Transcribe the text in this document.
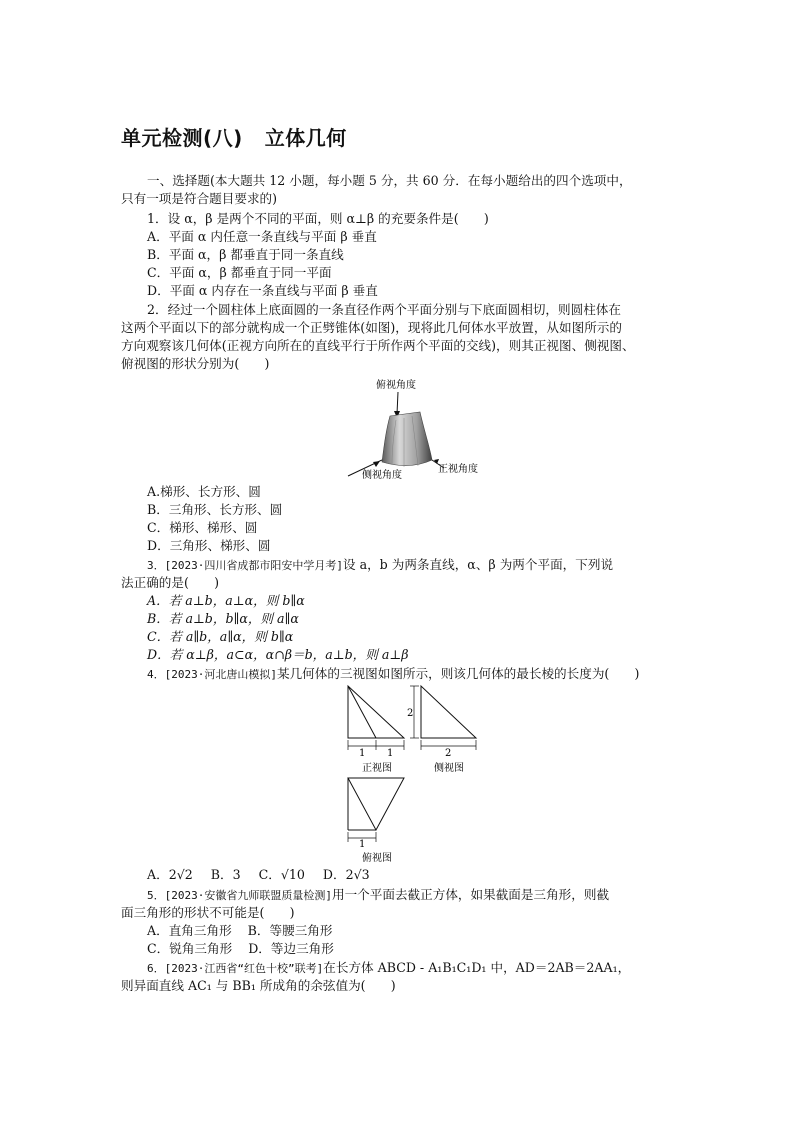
单元检测(八) 立体几何
一、选择题(本大题共 12 小题，每小题 5 分，共 60 分．在每小题给出的四个选项中，
只有一项是符合题目要求的)
1．设 α，β 是两个不同的平面，则 α⊥β 的充要条件是(　　)
A．平面 α 内任意一条直线与平面 β 垂直
B．平面 α，β 都垂直于同一条直线
C．平面 α，β 都垂直于同一平面
D．平面 α 内存在一条直线与平面 β 垂直
2．经过一个圆柱体上底面圆的一条直径作两个平面分别与下底面圆相切，则圆柱体在
这两个平面以下的部分就构成一个正劈锥体(如图)，现将此几何体水平放置，从如图所示的
方向观察该几何体(正视方向所在的直线平行于所作两个平面的交线)，则其正视图、侧视图、
俯视图的形状分别为(　　)
俯视角度
侧视角度
正视角度
A.梯形、长方形、圆
B．三角形、长方形、圆
C．梯形、梯形、圆
D．三角形、梯形、圆
3．[2023·四川省成都市阳安中学月考]设 a，b 为两条直线，α、β 为两个平面，下列说
法正确的是(　　)
A．若 a⊥b，a⊥α，则 b∥α
B．若 a⊥b，b∥α，则 a∥α
C．若 a∥b，a∥α，则 b∥α
D．若 α⊥β，a⊂α，α∩β＝b，a⊥b，则 a⊥β
4．[2023·河北唐山模拟]某几何体的三视图如图所示，则该几何体的最长棱的长度为(　　)
1 1
正视图
2
2
侧视图
1
俯视图
A．2√2 B．3 C．√10 D．2√3
5．[2023·安徽省九师联盟质量检测]用一个平面去截正方体，如果截面是三角形，则截
面三角形的形状不可能是(　　)
A．直角三角形 B．等腰三角形
C．锐角三角形 D．等边三角形
6．[2023·江西省“红色十校”联考]在长方体 ABCD - A₁B₁C₁D₁ 中，AD＝2AB＝2AA₁，
则异面直线 AC₁ 与 BB₁ 所成角的余弦值为(　　)
